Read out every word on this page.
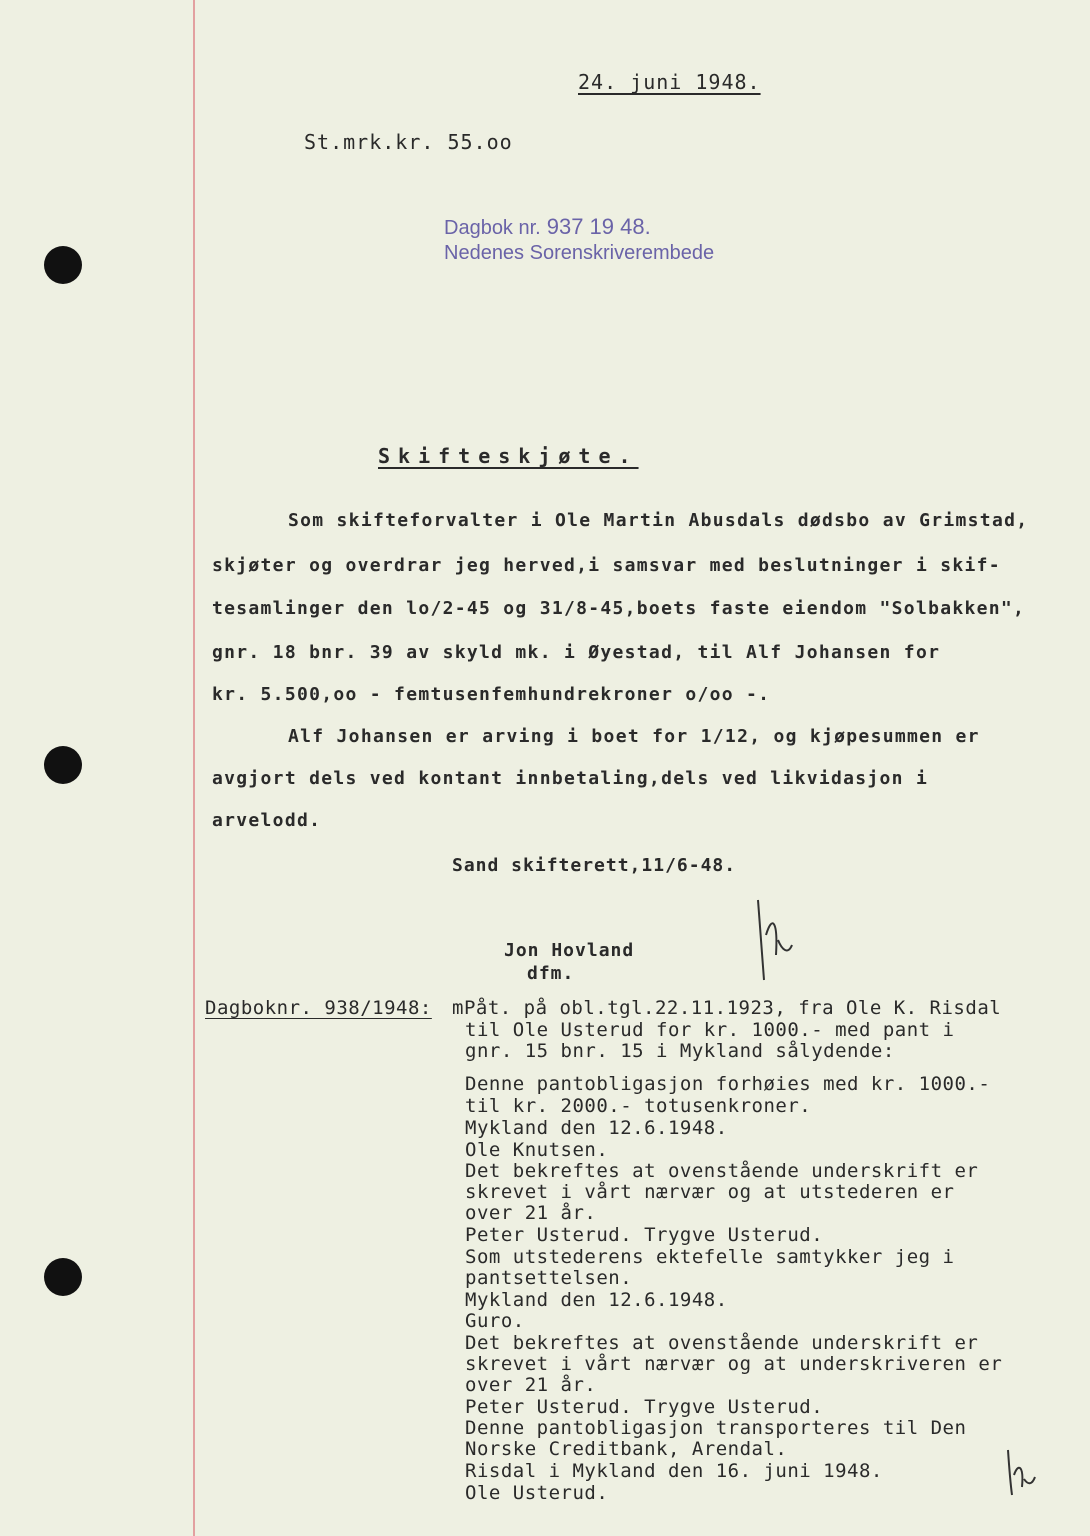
24. juni 1948.
St.mrk.kr. 55.oo
Dagbok nr. 937 19 48.
Nedenes Sorenskriverembede
Skifteskjøte.
Som skifteforvalter i Ole Martin Abusdals dødsbo av Grimstad,
skjøter og overdrar jeg herved,i samsvar med beslutninger i skif-
tesamlinger den lo/2-45 og 31/8-45,boets faste eiendom "Solbakken",
gnr. 18 bnr. 39 av skyld mk. i Øyestad, til Alf Johansen for
kr. 5.500,oo - femtusenfemhundrekroner o/oo -.
Alf Johansen er arving i boet for 1/12, og kjøpesummen er
avgjort dels ved kontant innbetaling,dels ved likvidasjon i
arvelodd.
Sand skifterett,11/6-48.
Jon Hovland
dfm.
Dagboknr. 938/1948: mPåt. på obl.tgl.22.11.1923, fra Ole K. Risdal
til Ole Usterud for kr. 1000.- med pant i
gnr. 15 bnr. 15 i Mykland sålydende:
Denne pantobligasjon forhøies med kr. 1000.-
til kr. 2000.- totusenkroner.
Mykland den 12.6.1948.
Ole Knutsen.
Det bekreftes at ovenstående underskrift er
skrevet i vårt nærvær og at utstederen er
over 21 år.
Peter Usterud. Trygve Usterud.
Som utstederens ektefelle samtykker jeg i
pantsettelsen.
Mykland den 12.6.1948.
Guro.
Det bekreftes at ovenstående underskrift er
skrevet i vårt nærvær og at underskriveren er
over 21 år.
Peter Usterud. Trygve Usterud.
Denne pantobligasjon transporteres til Den
Norske Creditbank, Arendal.
Risdal i Mykland den 16. juni 1948.
Ole Usterud.
